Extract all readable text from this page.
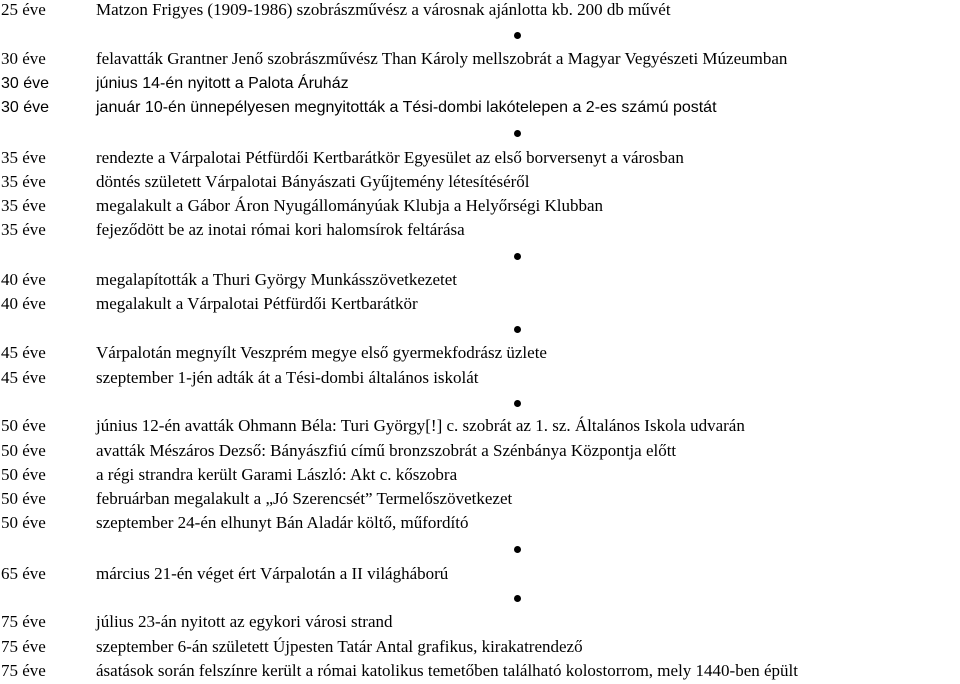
25 éve	Matzon Frigyes (1909-1986) szobrászművész a városnak ajánlotta kb. 200 db művét
30 éve	felavatták Grantner Jenő szobrászművész Than Károly mellszobrát a Magyar Vegyészeti Múzeumban
30 éve	június 14-én nyitott a Palota Áruház
30 éve	január 10-én ünnepélyesen megnyitották a Tési-dombi lakótelepen a 2-es számú postát
35 éve	rendezte a Várpalotai Pétfürdői Kertbarátkör Egyesület az első borversenyt a városban
35 éve	döntés született Várpalotai Bányászati Gyűjtemény létesítéséről
35 éve	megalakult a Gábor Áron Nyugállományúak Klubja a Helyőrségi Klubban
35 éve	fejeződött be az inotai római kori halomsírok feltárása
40 éve	megalapították a Thuri György Munkásszövetkezetet
40 éve	megalakult a Várpalotai Pétfürdői Kertbarátkör
45 éve	Várpalotán megnyílt Veszprém megye első gyermekfodrász üzlete
45 éve	szeptember 1-jén adták át a Tési-dombi általános iskolát
50 éve	június 12-én avatták Ohmann Béla: Turi György[!] c. szobrát az 1. sz. Általános Iskola udvarán
50 éve	avatták Mészáros Dezső: Bányászfiú című bronzszobrát a Szénbánya Központja előtt
50 éve	a régi strandra került Garami László: Akt c. kőszobra
50 éve	februárban megalakult a „Jó Szerencsét” Termelőszövetkezet
50 éve	szeptember 24-én elhunyt Bán Aladár költő, műfordító
65 éve	március 21-én véget ért Várpalotán a II világháború
75 éve	július 23-án nyitott az egykori városi strand
75 éve	szeptember 6-án született Újpesten Tatár Antal grafikus, kirakatrendező
75 éve	ásatások során felszínre került a római katolikus temetőben található kolostorrom, mely 1440-ben épült
